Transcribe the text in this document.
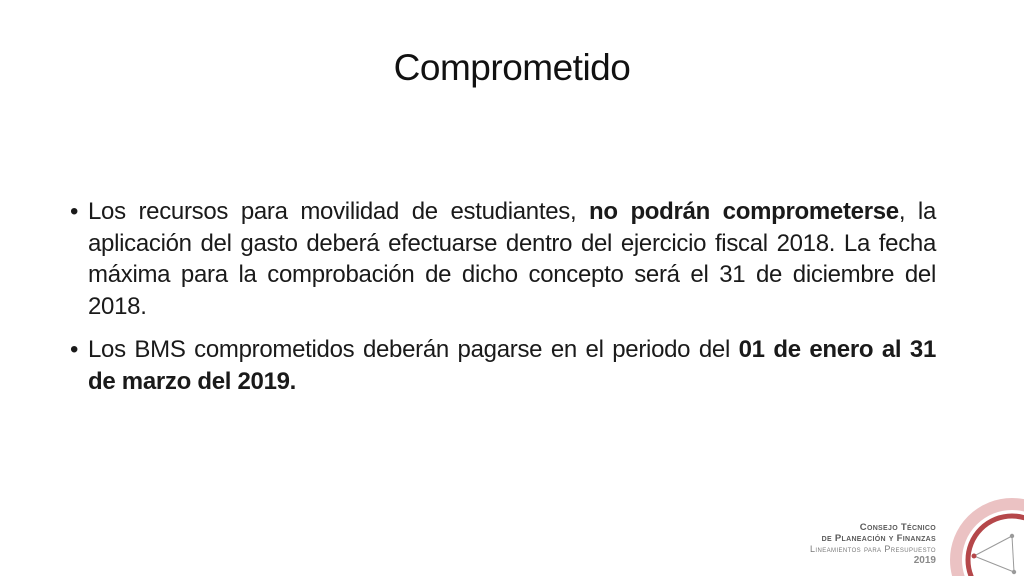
Comprometido
• Los recursos para movilidad de estudiantes, no podrán comprometerse, la aplicación del gasto deberá efectuarse dentro del ejercicio fiscal 2018. La fecha máxima para la comprobación de dicho concepto será el 31 de diciembre del 2018.
• Los BMS comprometidos deberán pagarse en el periodo del 01 de enero al 31 de marzo del 2019.
Consejo Técnico
de Planeación y Finanzas
Lineamientos para Presupuesto
2019
